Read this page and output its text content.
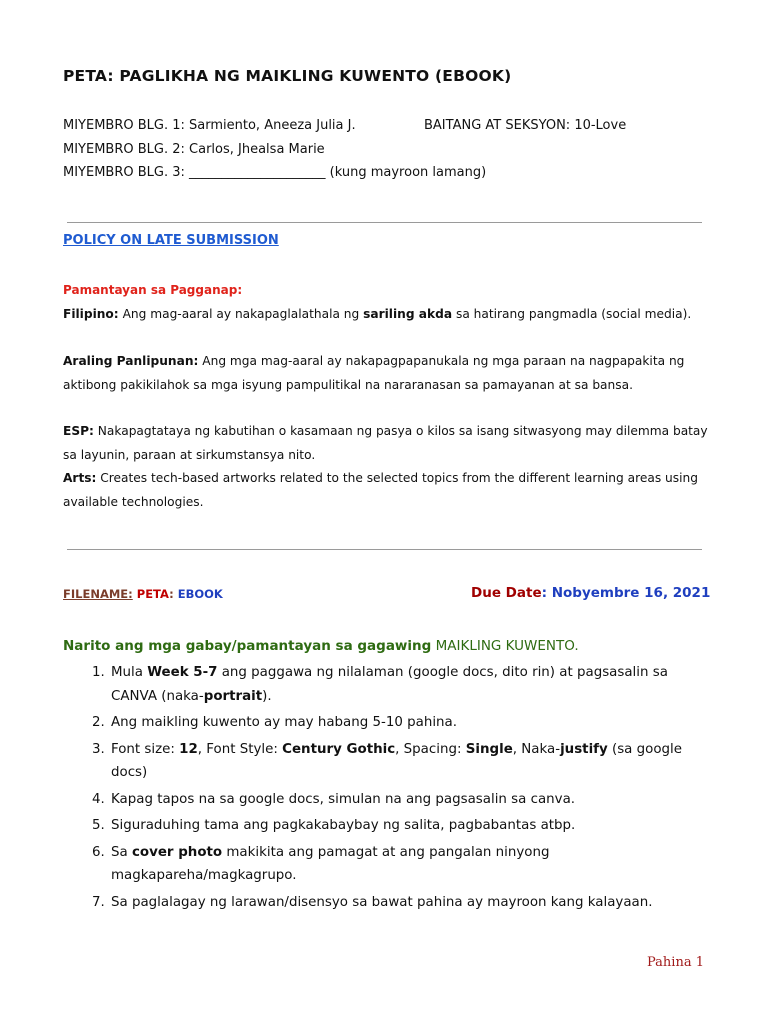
PETA: PAGLIKHA NG MAIKLING KUWENTO (EBOOK)
MIYEMBRO BLG. 1: Sarmiento, Aneeza Julia J.
MIYEMBRO BLG. 2: Carlos, Jhealsa Marie
MIYEMBRO BLG. 3: _____________________ (kung mayroon lamang)
BAITANG AT SEKSYON: 10-Love
POLICY ON LATE SUBMISSION
Pamantayan sa Pagganap:
Filipino: Ang mag-aaral ay nakapaglalathala ng sariling akda sa hatirang pangmadla (social media).
Araling Panlipunan: Ang mga mag-aaral ay nakapagpapanukala ng mga paraan na nagpapakita ng aktibong pakikilahok sa mga isyung pampulitikal na nararanasan sa pamayanan at sa bansa.
ESP: Nakapagtataya ng kabutihan o kasamaan ng pasya o kilos sa isang sitwasyong may dilemma batay sa layunin, paraan at sirkumstansya nito.
Arts: Creates tech-based artworks related to the selected topics from the different learning areas using available technologies.
FILENAME: PETA: EBOOK	Due Date: Nobyembre 16, 2021
Narito ang mga gabay/pamantayan sa gagawing MAIKLING KUWENTO.
1. Mula Week 5-7 ang paggawa ng nilalaman (google docs, dito rin) at pagsasalin sa CANVA (naka-portrait).
2. Ang maikling kuwento ay may habang 5-10 pahina.
3. Font size: 12, Font Style: Century Gothic, Spacing: Single, Naka-justify (sa google docs)
4. Kapag tapos na sa google docs, simulan na ang pagsasalin sa canva.
5. Siguraduhing tama ang pagkakabaybay ng salita, pagbabantas atbp.
6. Sa cover photo makikita ang pamagat at ang pangalan ninyong magkapareha/magkagrupo.
7. Sa paglalagay ng larawan/disensyo sa bawat pahina ay mayroon kang kalayaan.
Pahina 1
